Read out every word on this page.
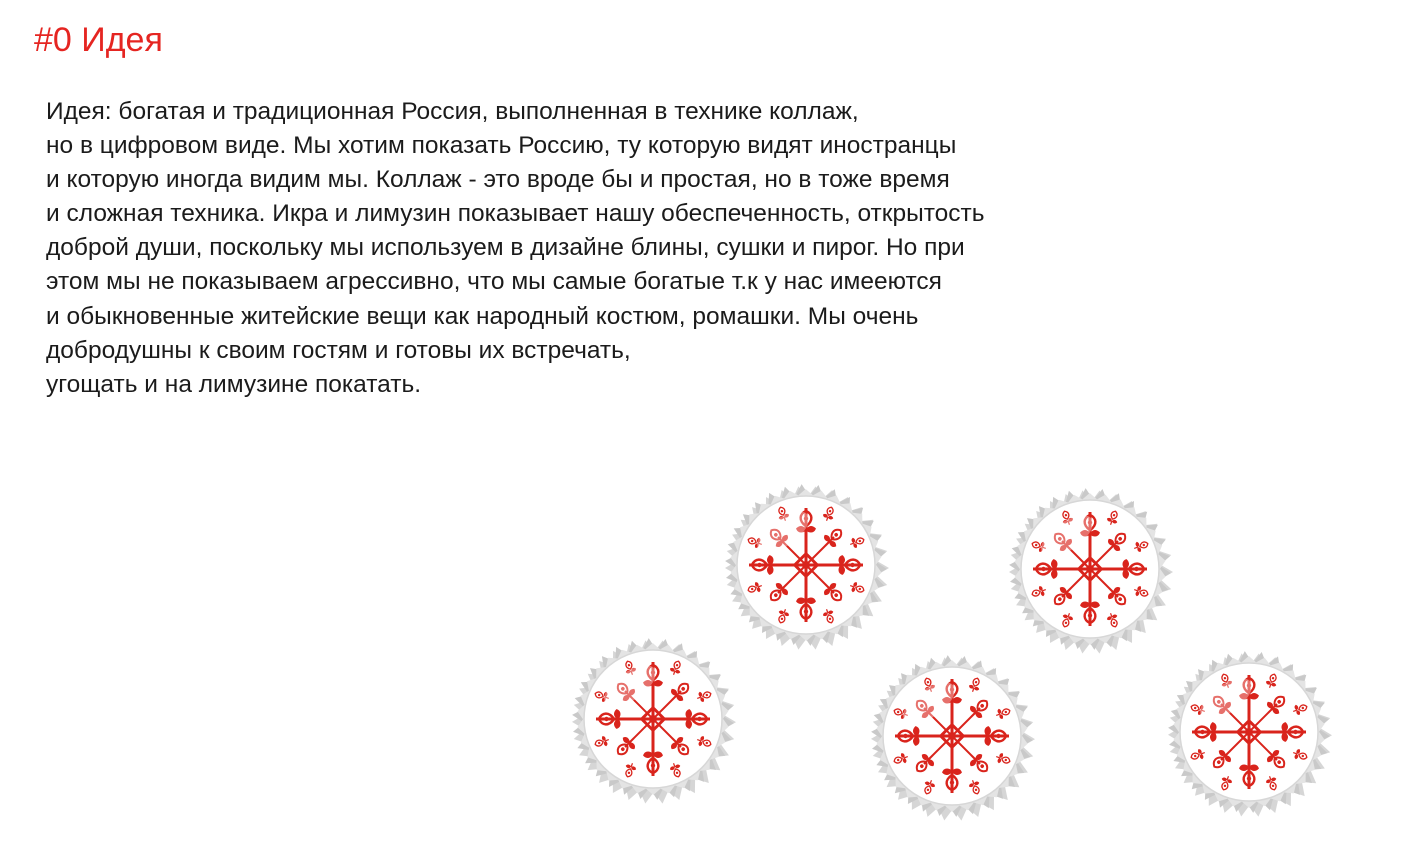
#0 Идея
Идея: богатая и традиционная Россия, выполненная в технике коллаж,
но в цифровом виде. Мы хотим показать Россию, ту которую видят иностранцы
и которую иногда видим мы. Коллаж - это вроде бы и простая, но в тоже время
и сложная техника. Икра и лимузин показывает нашу обеспеченность, открытость
доброй души, поскольку мы используем в дизайне блины, сушки и пирог. Но при
этом мы не показываем агрессивно, что мы самые богатые т.к у нас имееются
и обыкновенные житейские вещи как народный костюм, ромашки. Мы очень
добродушны к своим гостям и готовы их встречать,
угощать и на лимузине покатать.
